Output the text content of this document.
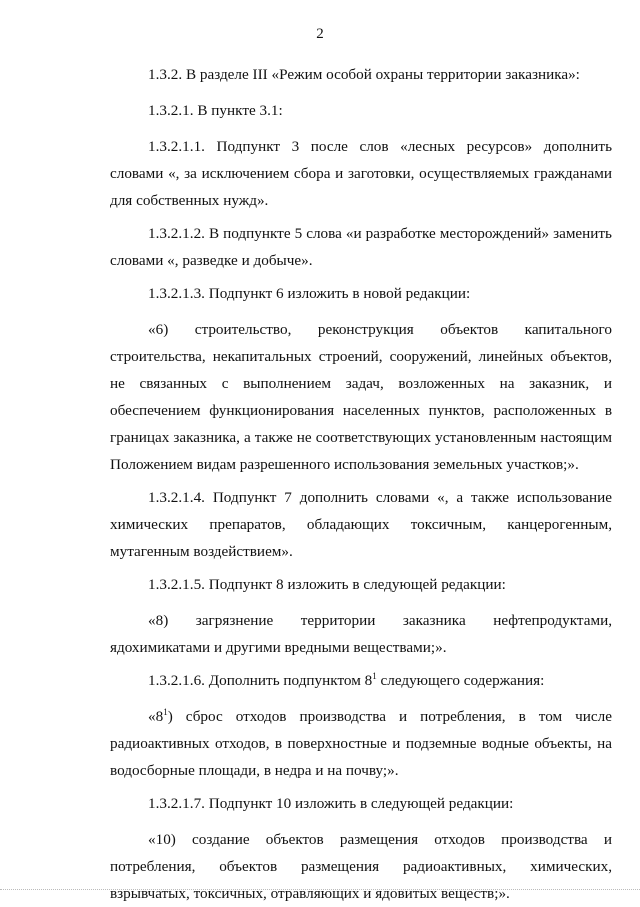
2

1.3.2. В разделе III «Режим особой охраны территории заказника»:

1.3.2.1. В пункте 3.1:

1.3.2.1.1. Подпункт 3 после слов «лесных ресурсов» дополнить словами «, за исключением сбора и заготовки, осуществляемых гражданами для собственных нужд».

1.3.2.1.2. В подпункте 5 слова «и разработке месторождений» заменить словами «, разведке и добыче».

1.3.2.1.3. Подпункт 6 изложить в новой редакции:

«6) строительство, реконструкция объектов капитального строительства, некапитальных строений, сооружений, линейных объектов, не связанных с выполнением задач, возложенных на заказник, и обеспечением функционирования населенных пунктов, расположенных в границах заказника, а также не соответствующих установленным настоящим Положением видам разрешенного использования земельных участков;».

1.3.2.1.4. Подпункт 7 дополнить словами «, а также использование химических препаратов, обладающих токсичным, канцерогенным, мутагенным воздействием».

1.3.2.1.5. Подпункт 8 изложить в следующей редакции:

«8) загрязнение территории заказника нефтепродуктами, ядохимикатами и другими вредными веществами;».

1.3.2.1.6. Дополнить подпунктом $8^1$ следующего содержания:

«$8^1$) сброс отходов производства и потребления, в том числе радиоактивных отходов, в поверхностные и подземные водные объекты, на водосборные площади, в недра и на почву;».

1.3.2.1.7. Подпункт 10 изложить в следующей редакции:

«10) создание объектов размещения отходов производства и потребления, объектов размещения радиоактивных, химических, взрывчатых, токсичных, отравляющих и ядовитых веществ;».
